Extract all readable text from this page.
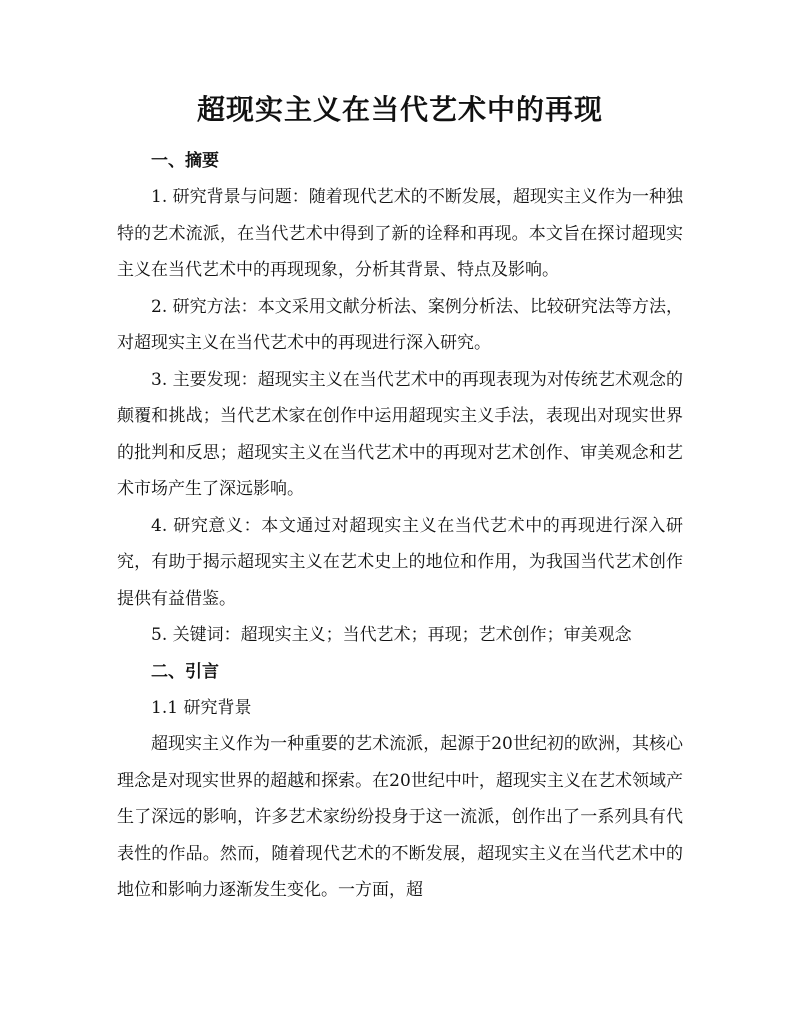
超现实主义在当代艺术中的再现
一、摘要

1. 研究背景与问题：随着现代艺术的不断发展，超现实主义作为一种独特的艺术流派，在当代艺术中得到了新的诠释和再现。本文旨在探讨超现实主义在当代艺术中的再现现象，分析其背景、特点及影响。

2. 研究方法：本文采用文献分析法、案例分析法、比较研究法等方法，对超现实主义在当代艺术中的再现进行深入研究。

3. 主要发现：超现实主义在当代艺术中的再现表现为对传统艺术观念的颠覆和挑战；当代艺术家在创作中运用超现实主义手法，表现出对现实世界的批判和反思；超现实主义在当代艺术中的再现对艺术创作、审美观念和艺术市场产生了深远影响。

4. 研究意义：本文通过对超现实主义在当代艺术中的再现进行深入研究，有助于揭示超现实主义在艺术史上的地位和作用，为我国当代艺术创作提供有益借鉴。

5. 关键词：超现实主义；当代艺术；再现；艺术创作；审美观念

二、引言

1.1 研究背景

超现实主义作为一种重要的艺术流派，起源于20世纪初的欧洲，其核心理念是对现实世界的超越和探索。在20世纪中叶，超现实主义在艺术领域产生了深远的影响，许多艺术家纷纷投身于这一流派，创作出了一系列具有代表性的作品。然而，随着现代艺术的不断发展，超现实主义在当代艺术中的地位和影响力逐渐发生变化。一方面，超
